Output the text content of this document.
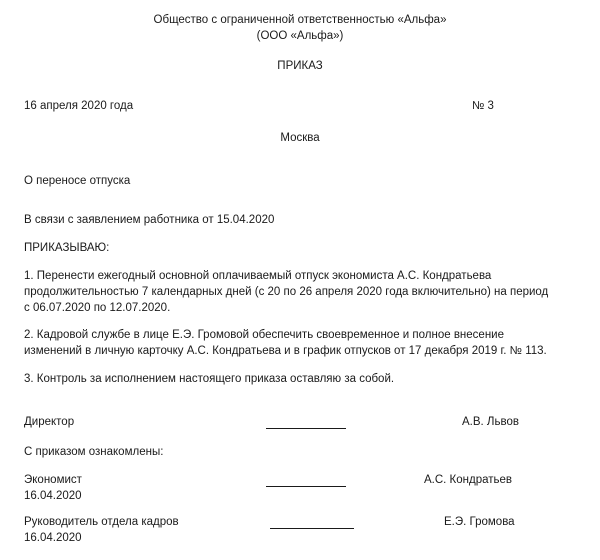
Общество с ограниченной ответственностью «Альфа»
(ООО «Альфа»)
ПРИКАЗ
16 апреля 2020 года	№ 3
Москва
О переносе отпуска
В связи с заявлением работника от 15.04.2020
ПРИКАЗЫВАЮ:
1. Перенести ежегодный основной оплачиваемый отпуск экономиста А.С. Кондратьева
продолжительностью 7 календарных дней (с 20 по 26 апреля 2020 года включительно) на период
с 06.07.2020 по 12.07.2020.
2. Кадровой службе в лице Е.Э. Громовой обеспечить своевременное и полное внесение
изменений в личную карточку А.С. Кондратьева и в график отпусков от 17 декабря 2019 г. № 113.
3. Контроль за исполнением настоящего приказа оставляю за собой.
Директор	А.В. Львов
С приказом ознакомлены:
Экономист
16.04.2020
А.С. Кондратьев
Руководитель отдела кадров
16.04.2020
Е.Э. Громова
